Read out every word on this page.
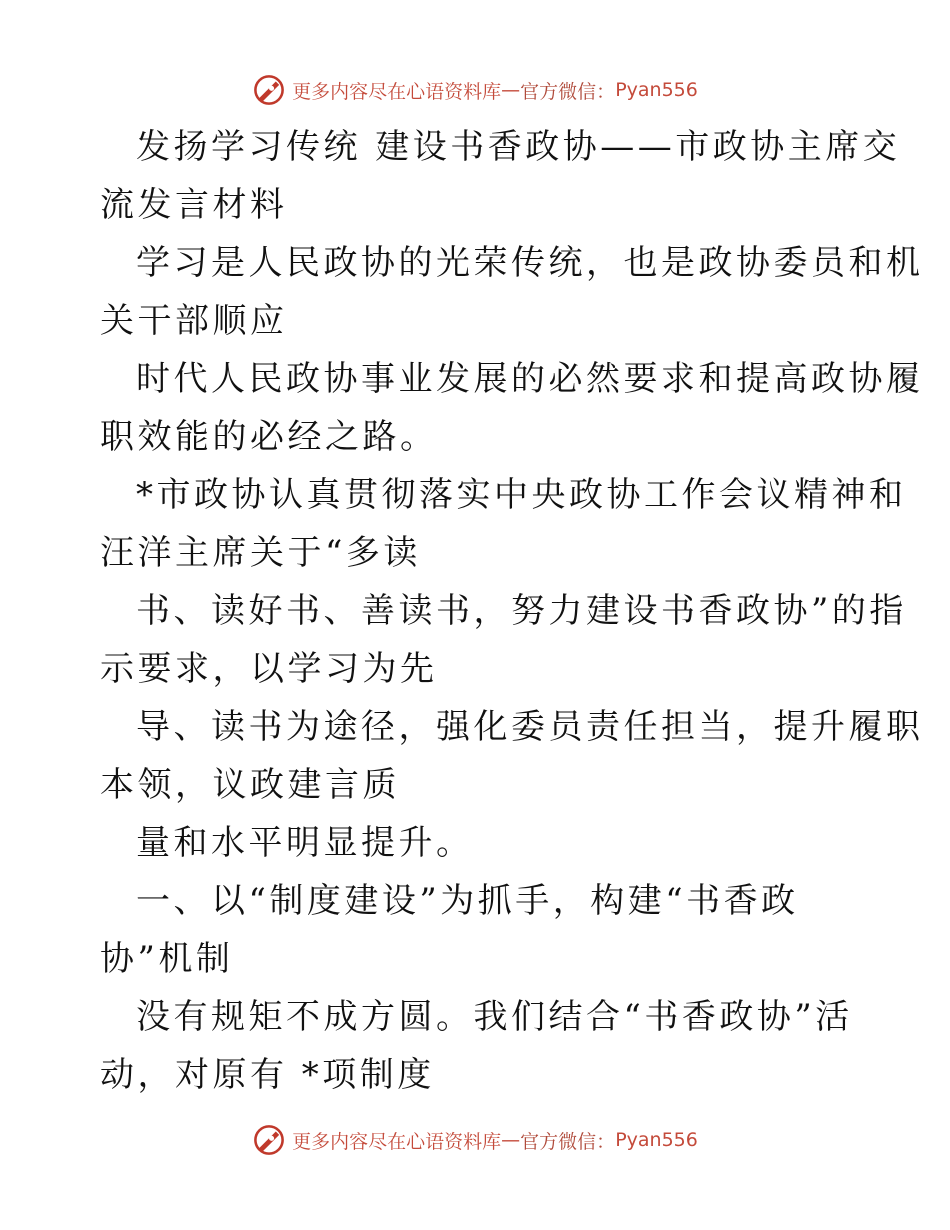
更多内容尽在心语资料库 — 官方微信： Pyan556
发扬学习传统 建设书香政协——市政协主席交
流发言材料
学习是人民政协的光荣传统，也是政协委员和机
关干部顺应
时代人民政协事业发展的必然要求和提高政协履
职效能的必经之路。
*市政协认真贯彻落实中央政协工作会议精神和
汪洋主席关于“多读
书、读好书、善读书，努力建设书香政协”的指
示要求，以学习为先
导、读书为途径，强化委员责任担当，提升履职
本领，议政建言质
量和水平明显提升。
一、以“制度建设”为抓手，构建“书香政
协”机制
没有规矩不成方圆。我们结合“书香政协”活
动，对原有 *项制度
更多内容尽在心语资料库 — 官方微信： Pyan556
